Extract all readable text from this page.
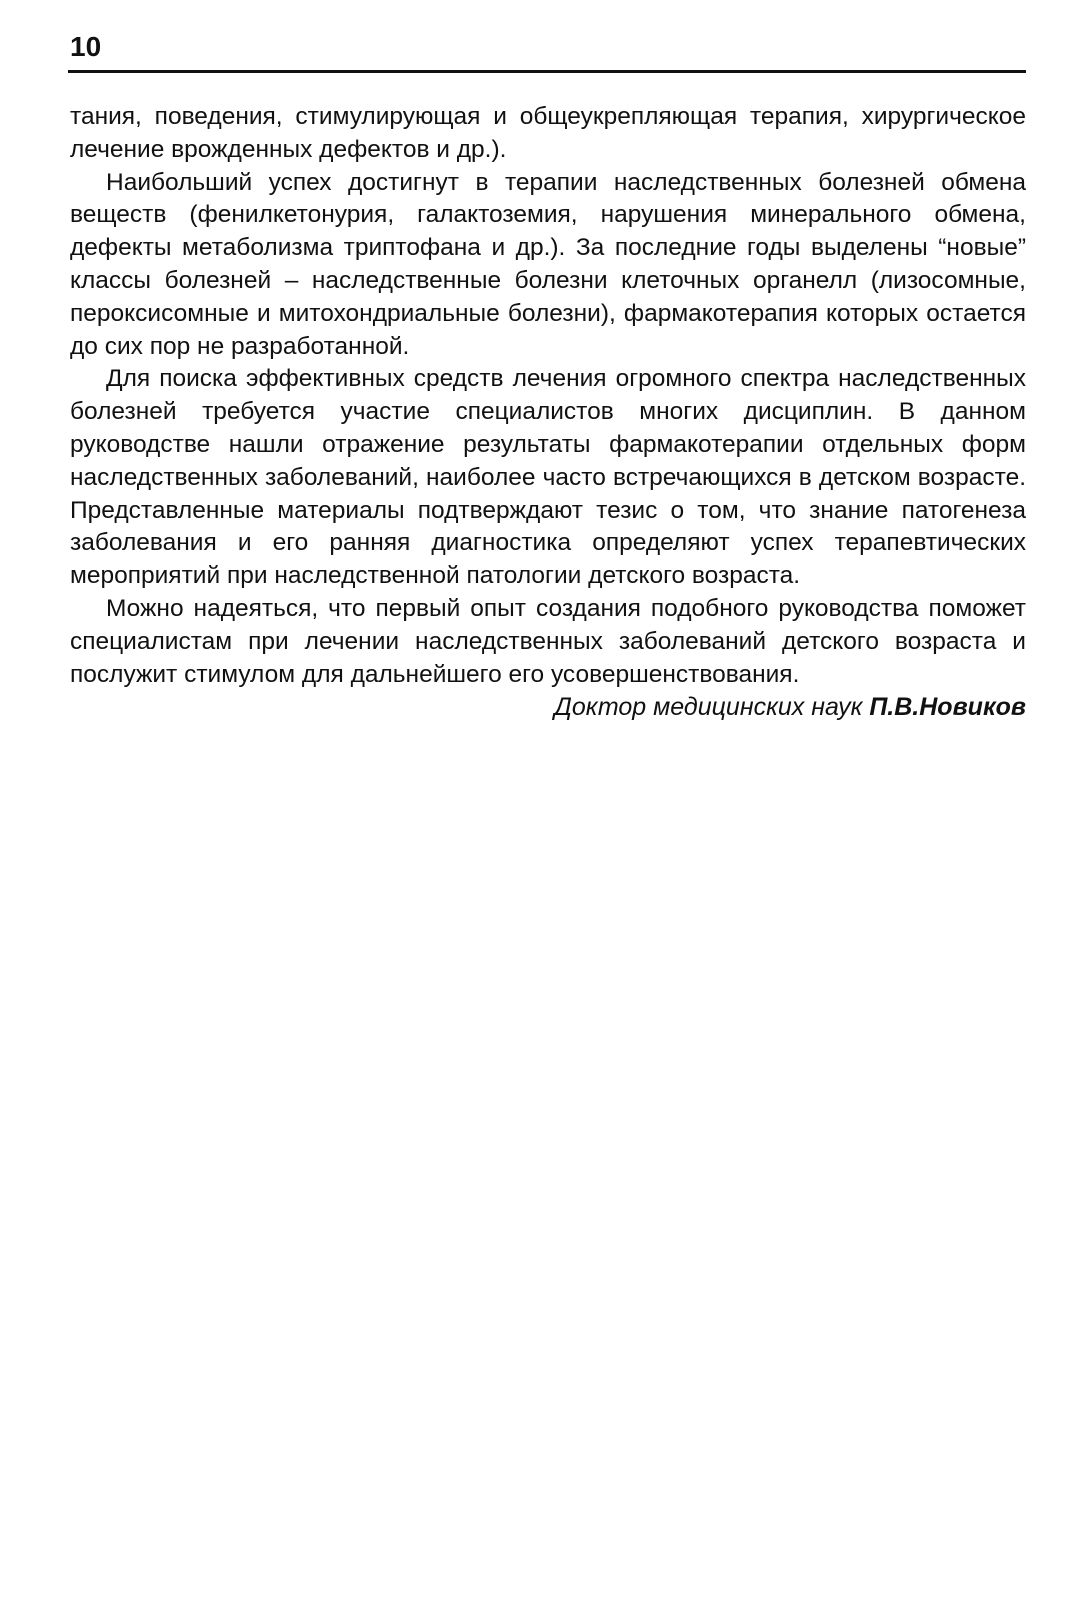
10

тания, поведения, стимулирующая и общеукрепляющая терапия, хирургическое лечение врожденных дефектов и др.).

Наибольший успех достигнут в терапии наследственных болезней обмена веществ (фенилкетонурия, галактоземия, нарушения минерального обмена, дефекты метаболизма триптофана и др.). За последние годы выделены “новые” классы болезней – наследственные болезни клеточных органелл (лизосомные, пероксисомные и митохондриальные болезни), фармакотерапия которых остается до сих пор не разработанной.

Для поиска эффективных средств лечения огромного спектра наследственных болезней требуется участие специалистов многих дисциплин. В данном руководстве нашли отражение результаты фармакотерапии отдельных форм наследственных заболеваний, наиболее часто встречающихся в детском возрасте. Представленные материалы подтверждают тезис о том, что знание патогенеза заболевания и его ранняя диагностика определяют успех терапевтических мероприятий при наследственной патологии детского возраста.

Можно надеяться, что первый опыт создания подобного руководства поможет специалистам при лечении наследственных заболеваний детского возраста и послужит стимулом для дальнейшего его усовершенствования.

Доктор медицинских наук П.В.Новиков
